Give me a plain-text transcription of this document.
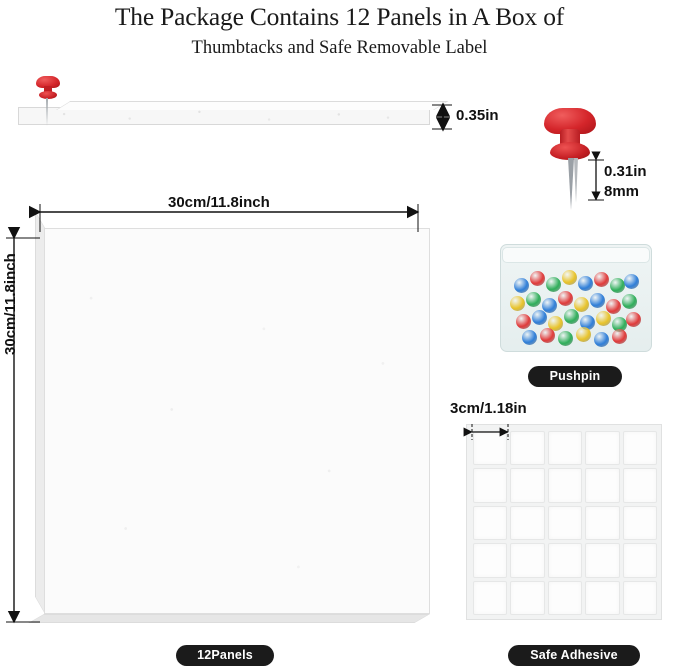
The Package Contains 12 Panels in A Box of
Thumbtacks and Safe Removable Label
0.35in
30cm/11.8inch
30cm/11.8inch
0.31in
8mm
3cm/1.18in
Pushpin
12Panels	Safe Adhesive
